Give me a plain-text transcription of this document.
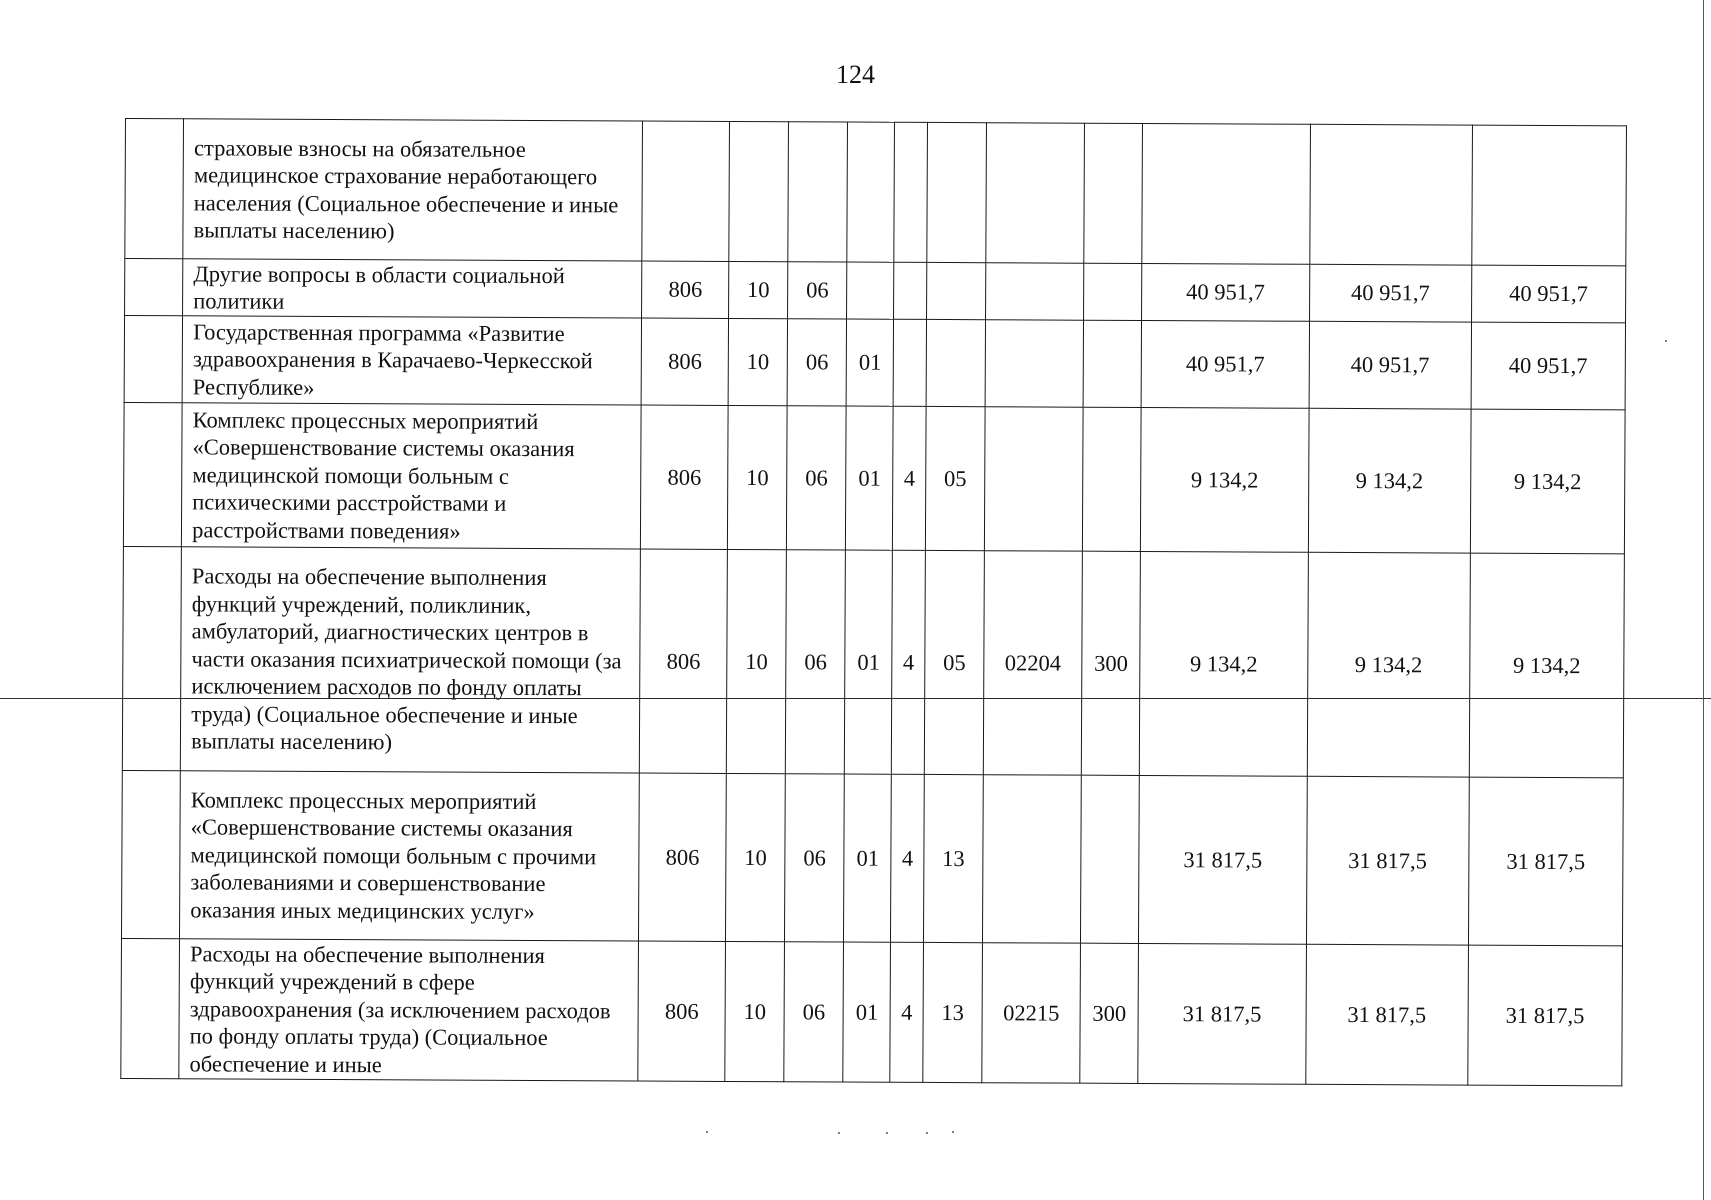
124
	страховые взносы на обязательное медицинское страхование неработающего населения (Социальное обеспечение и иные выплаты населению)											
	Другие вопросы в области социальной политики	806	10	06						40 951,7	40 951,7	40 951,7
	Государственная программа «Развитие здравоохранения в Карачаево-Черкесской Республике»	806	10	06	01					40 951,7	40 951,7	40 951,7
	Комплекс процессных мероприятий «Совершенствование системы оказания медицинской помощи больным с психическими расстройствами и расстройствами поведения»	806	10	06	01	4	05			9 134,2	9 134,2	9 134,2
	Расходы на обеспечение выполнения функций учреждений, поликлиник, амбулаторий, диагностических центров в части оказания психиатрической помощи (за исключением расходов по фонду оплаты труда) (Социальное обеспечение и иные выплаты населению)	806	10	06	01	4	05	02204	300	9 134,2	9 134,2	9 134,2
	Комплекс процессных мероприятий «Совершенствование системы оказания медицинской помощи больным с прочими заболеваниями и совершенствование оказания иных медицинских услуг»	806	10	06	01	4	13			31 817,5	31 817,5	31 817,5
	Расходы на обеспечение выполнения функций учреждений в сфере здравоохранения (за исключением расходов по фонду оплаты труда) (Социальное обеспечение и иные	806	10	06	01	4	13	02215	300	31 817,5	31 817,5	31 817,5
